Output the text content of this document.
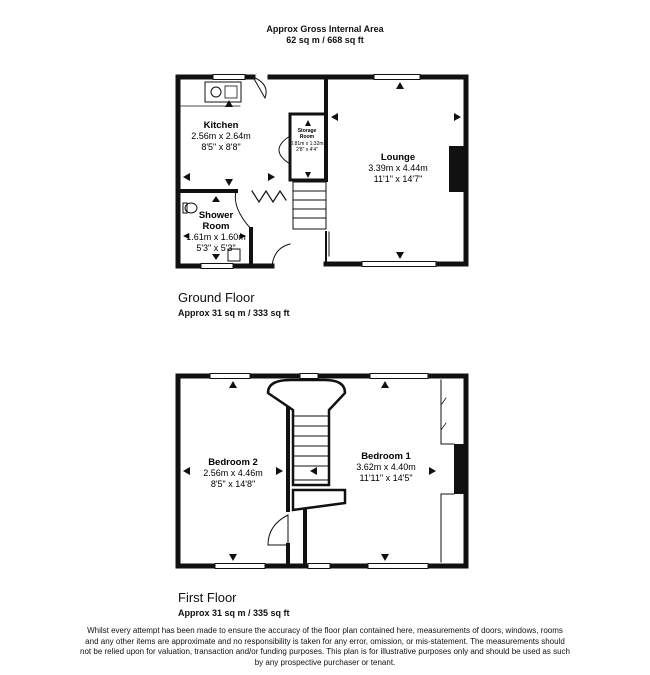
Approx Gross Internal Area
62 sq m / 668 sq ft
Kitchen
2.56m x 2.64m
8'5" x 8'8"
Storage
Room
0.81m x 1.32m
2'8" x 4'4"
Lounge
3.39m x 4.44m
11'1" x 14'7"
Shower
Room
1.61m x 1.60m
5'3" x 5'3"
Bedroom 2
2.56m x 4.46m
8'5" x 14'8"
Bedroom 1
3.62m x 4.40m
11'11" x 14'5"
Ground Floor
Approx 31 sq m / 333 sq ft
First Floor
Approx 31 sq m / 335 sq ft
Whilst every attempt has been made to ensure the accuracy of the floor plan contained here, measurements of doors, windows, rooms and any other items are approximate and no responsibility is taken for any error, omission, or mis-statement. The measurements should not be relied upon for valuation, transaction and/or funding purposes. This plan is for illustrative purposes only and should be used as such by any prospective purchaser or tenant.
